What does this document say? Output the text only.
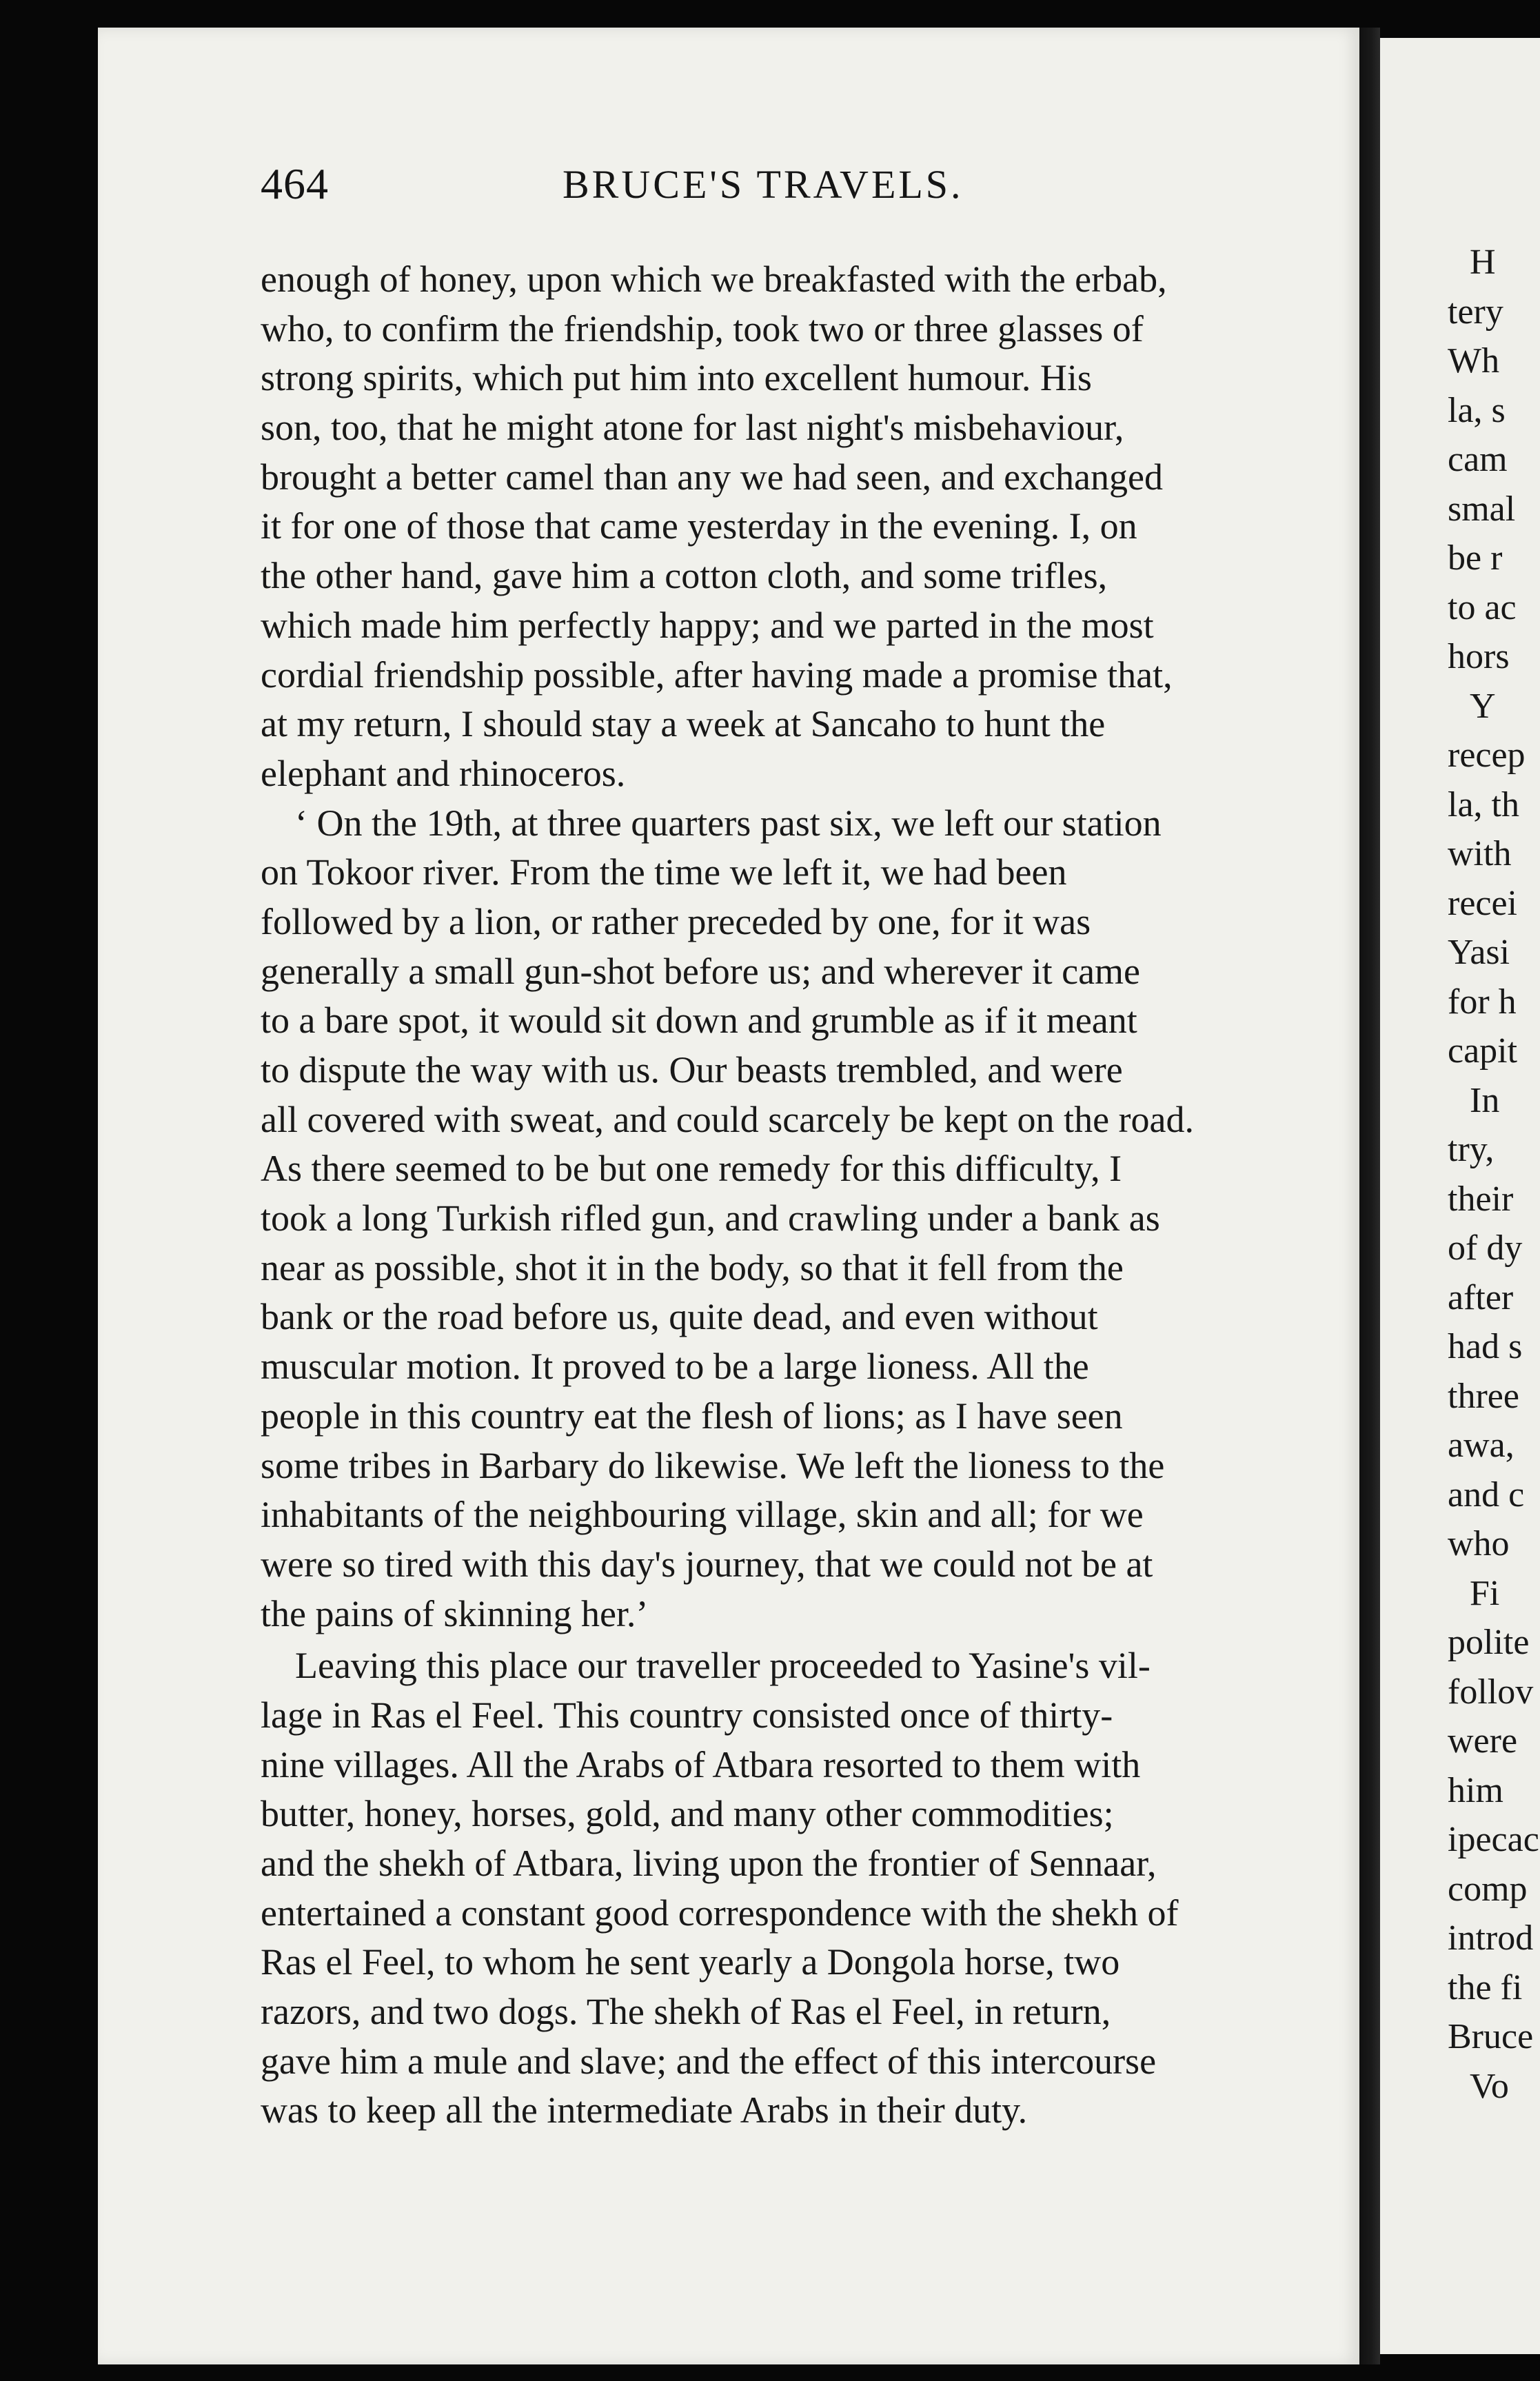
464	BRUCE'S TRAVELS.
enough of honey, upon which we breakfasted with the erbab,
who, to confirm the friendship, took two or three glasses of
strong spirits, which put him into excellent humour. His
son, too, that he might atone for last night's misbehaviour,
brought a better camel than any we had seen, and exchanged
it for one of those that came yesterday in the evening. I, on
the other hand, gave him a cotton cloth, and some trifles,
which made him perfectly happy; and we parted in the most
cordial friendship possible, after having made a promise that,
at my return, I should stay a week at Sancaho to hunt the
elephant and rhinoceros.
‘ On the 19th, at three quarters past six, we left our station
on Tokoor river. From the time we left it, we had been
followed by a lion, or rather preceded by one, for it was
generally a small gun-shot before us; and wherever it came
to a bare spot, it would sit down and grumble as if it meant
to dispute the way with us. Our beasts trembled, and were
all covered with sweat, and could scarcely be kept on the road.
As there seemed to be but one remedy for this difficulty, I
took a long Turkish rifled gun, and crawling under a bank as
near as possible, shot it in the body, so that it fell from the
bank or the road before us, quite dead, and even without
muscular motion. It proved to be a large lioness. All the
people in this country eat the flesh of lions; as I have seen
some tribes in Barbary do likewise. We left the lioness to the
inhabitants of the neighbouring village, skin and all; for we
were so tired with this day's journey, that we could not be at
the pains of skinning her.’
Leaving this place our traveller proceeded to Yasine's vil-
lage in Ras el Feel. This country consisted once of thirty-
nine villages. All the Arabs of Atbara resorted to them with
butter, honey, horses, gold, and many other commodities;
and the shekh of Atbara, living upon the frontier of Sennaar,
entertained a constant good correspondence with the shekh of
Ras el Feel, to whom he sent yearly a Dongola horse, two
razors, and two dogs. The shekh of Ras el Feel, in return,
gave him a mule and slave; and the effect of this intercourse
was to keep all the intermediate Arabs in their duty.
H
tery
Wh
la, s
cam
smal
be r
to ac
hors
Y
recep
la, th
with
recei
Yasi
for h
capit
In
try,
their
of dy
after
had s
three
awa,
and c
who
Fi
polite
follov
were
him
ipecac
comp
introd
the fi
Bruce
Vo
